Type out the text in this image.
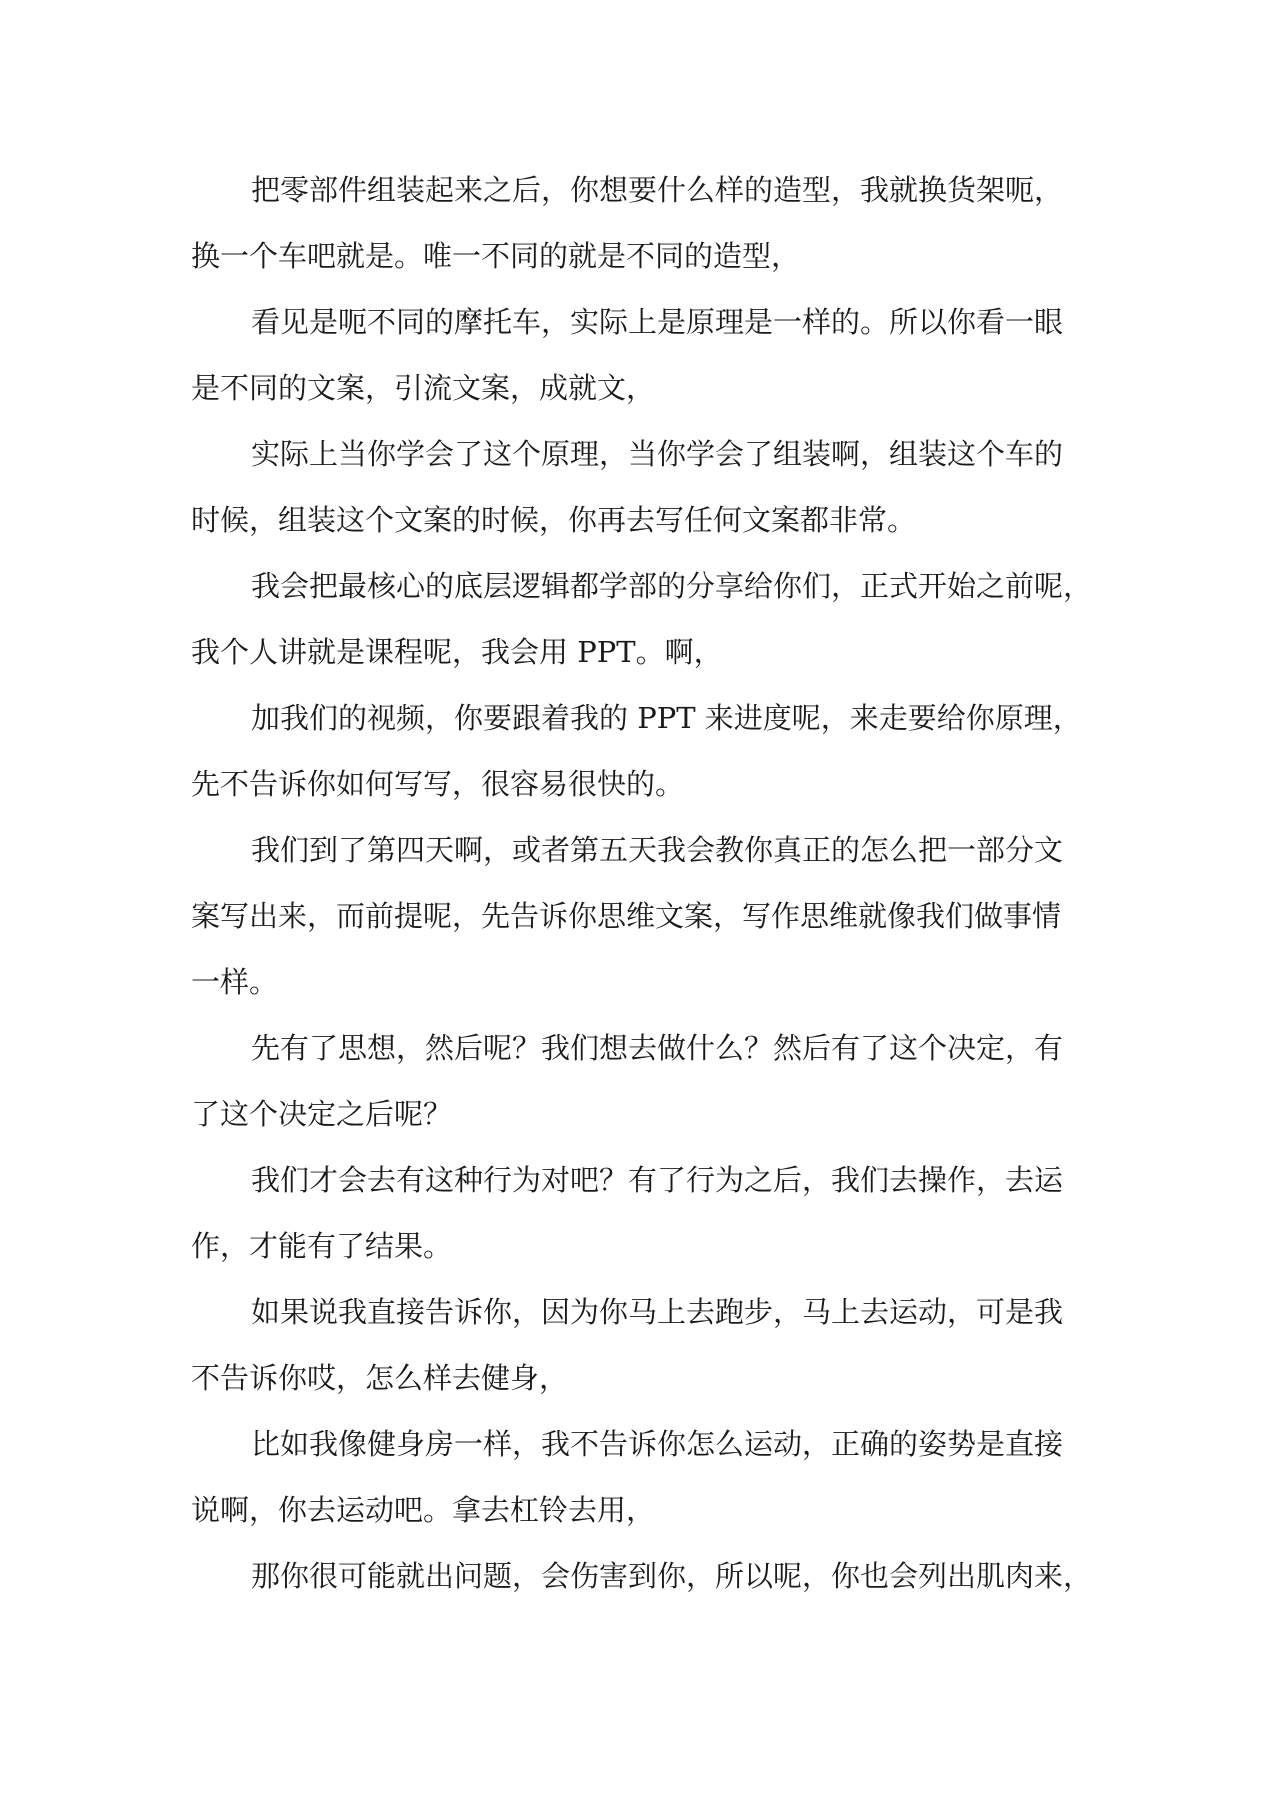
把零部件组装起来之后，你想要什么样的造型，我就换货架呃，
换一个车吧就是。唯一不同的就是不同的造型，

看见是呃不同的摩托车，实际上是原理是一样的。所以你看一眼
是不同的文案，引流文案，成就文，

实际上当你学会了这个原理，当你学会了组装啊，组装这个车的
时候，组装这个文案的时候，你再去写任何文案都非常。

我会把最核心的底层逻辑都学部的分享给你们，正式开始之前呢，
我个人讲就是课程呢，我会用 PPT。啊，

加我们的视频，你要跟着我的 PPT 来进度呢，来走要给你原理，
先不告诉你如何写写，很容易很快的。

我们到了第四天啊，或者第五天我会教你真正的怎么把一部分文
案写出来，而前提呢，先告诉你思维文案，写作思维就像我们做事情
一样。

先有了思想，然后呢？我们想去做什么？然后有了这个决定，有
了这个决定之后呢？

我们才会去有这种行为对吧？有了行为之后，我们去操作，去运
作，才能有了结果。

如果说我直接告诉你，因为你马上去跑步，马上去运动，可是我
不告诉你哎，怎么样去健身，

比如我像健身房一样，我不告诉你怎么运动，正确的姿势是直接
说啊，你去运动吧。拿去杠铃去用，

那你很可能就出问题，会伤害到你，所以呢，你也会列出肌肉来，
